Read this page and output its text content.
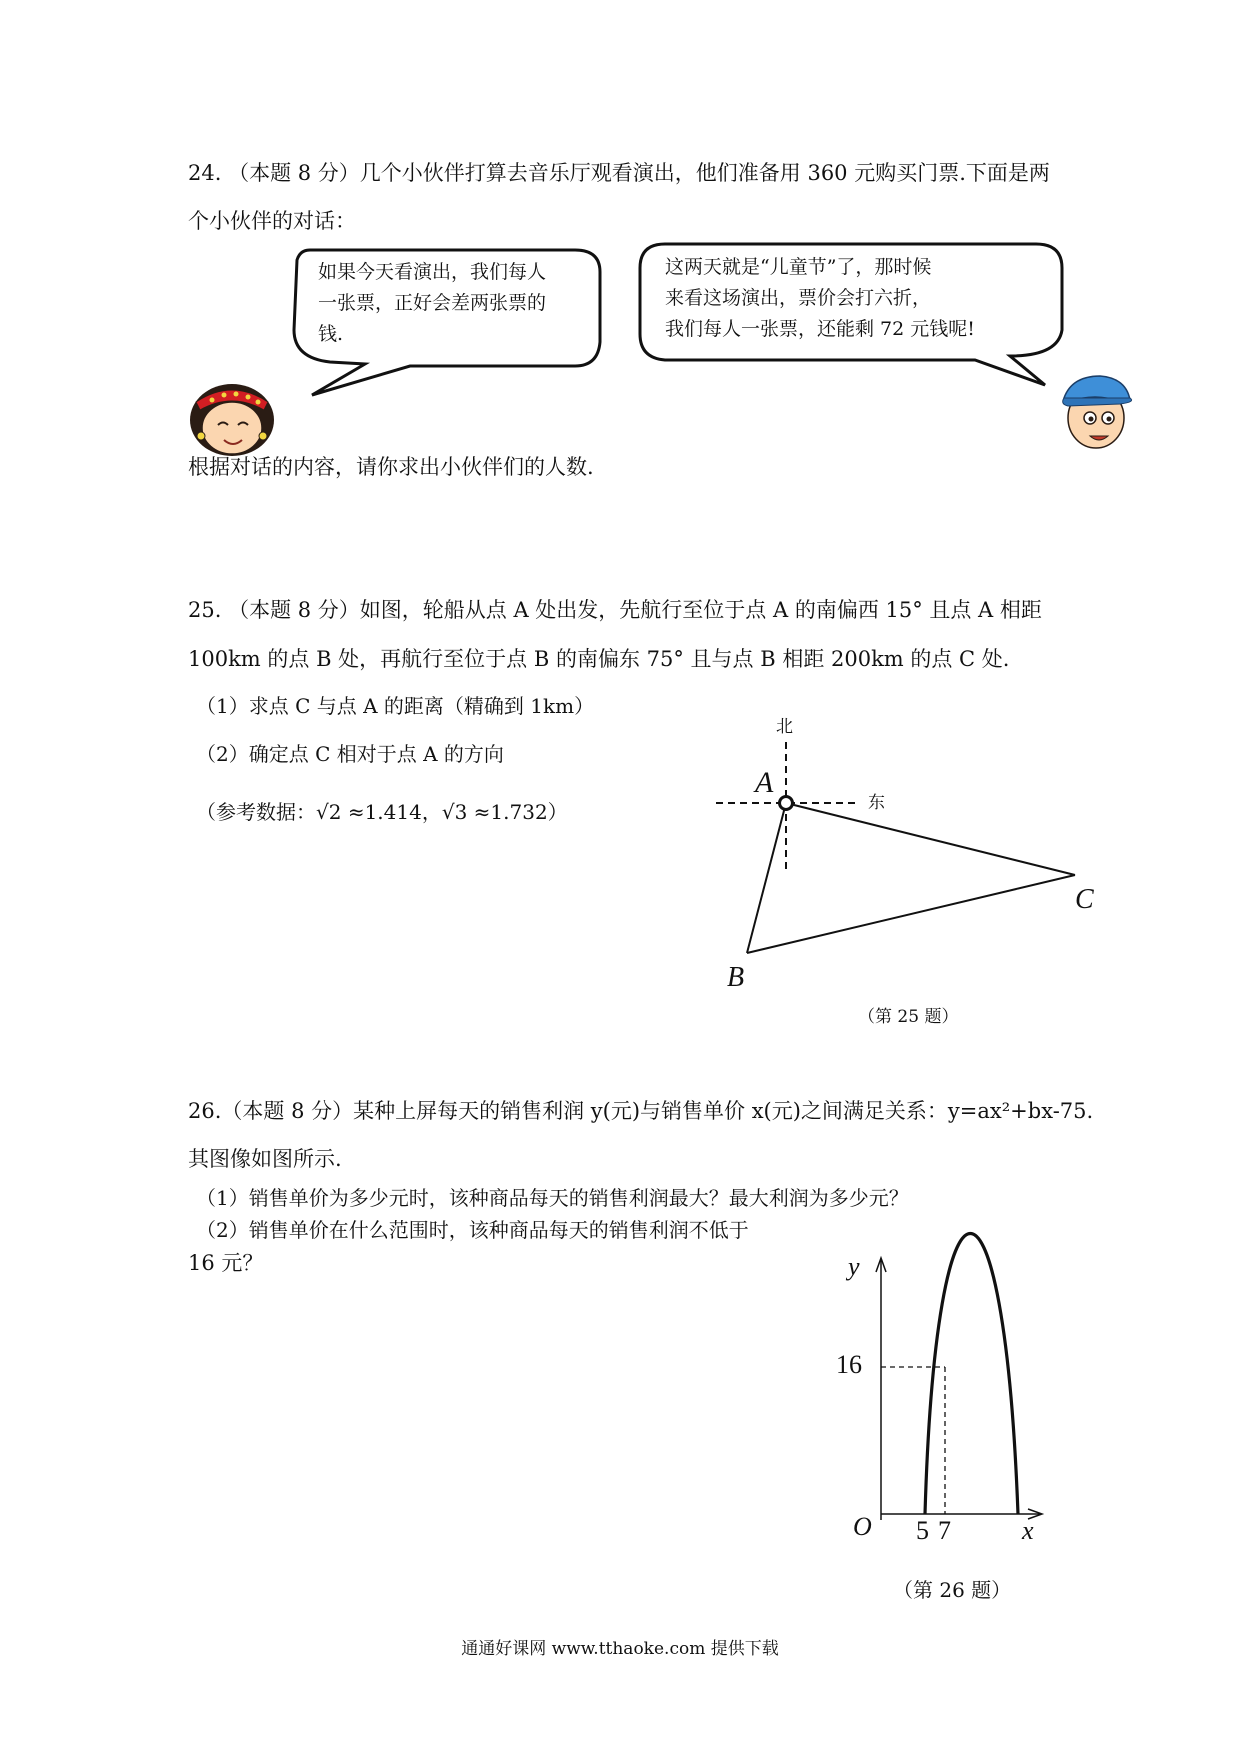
24. （本题 8 分）几个小伙伴打算去音乐厅观看演出，他们准备用 360 元购买门票.下面是两
个小伙伴的对话：
如果今天看演出，我们每人
一张票，正好会差两张票的
钱.
这两天就是“儿童节”了，那时候
来看这场演出，票价会打六折，
我们每人一张票，还能剩 72 元钱呢!
根据对话的内容，请你求出小伙伴们的人数.
25. （本题 8 分）如图，轮船从点 A 处出发，先航行至位于点 A 的南偏西 15° 且点 A 相距
100km 的点 B 处，再航行至位于点 B 的南偏东 75° 且与点 B 相距 200km 的点 C 处.
（1）求点 C 与点 A 的距离（精确到 1km）
（2）确定点 C 相对于点 A 的方向
（参考数据：√2 ≈1.414，√3 ≈1.732）
北
东
A
B
C
（第 25 题）
26.（本题 8 分）某种上屏每天的销售利润 y(元)与销售单价 x(元)之间满足关系：y=ax²+bx-75.
其图像如图所示.
（1）销售单价为多少元时，该种商品每天的销售利润最大？最大利润为多少元？
（2）销售单价在什么范围时，该种商品每天的销售利润不低于
16 元？	y
16
O 5 7	x
（第 26 题）
通通好课网 www.tthaoke.com 提供下载
